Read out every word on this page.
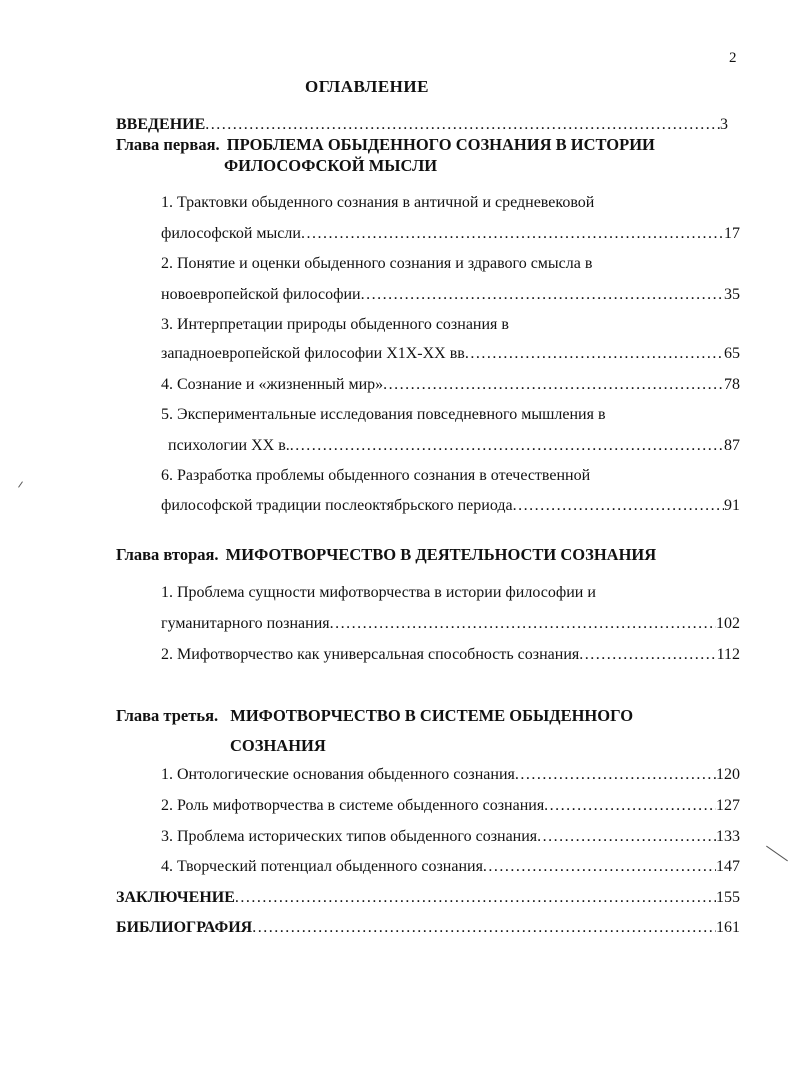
2
ОГЛАВЛЕНИЕ
ВВЕДЕНИЕ .....	3
Глава первая. ПРОБЛЕМА ОБЫДЕННОГО СОЗНАНИЯ В ИСТОРИИ
ФИЛОСОФСКОЙ МЫСЛИ
1. Трактовки обыденного сознания в античной и средневековой
философской мысли .....	17
2. Понятие и оценки обыденного сознания и здравого смысла в
новоевропейской философии .....	35
3. Интерпретации природы обыденного сознания в
западноевропейской философии Х1Х-ХХ вв .....	65
4. Сознание и «жизненный мир» .....	78
5. Экспериментальные исследования повседневного мышления в
психологии ХХ в. .....	87
6. Разработка проблемы обыденного сознания в отечественной
философской традиции послеоктябрьского периода .....	91
Глава вторая. МИФОТВОРЧЕСТВО В ДЕЯТЕЛЬНОСТИ СОЗНАНИЯ
1. Проблема сущности мифотворчества в истории философии и
гуманитарного познания .....	102
2. Мифотворчество как универсальная способность сознания .....	112
Глава третья. МИФОТВОРЧЕСТВО В СИСТЕМЕ ОБЫДЕННОГО
СОЗНАНИЯ
1. Онтологические основания обыденного сознания .....	120
2. Роль мифотворчества в системе обыденного сознания .....	127
3. Проблема исторических типов обыденного сознания .....	133
4. Творческий потенциал обыденного сознания .....	147
ЗАКЛЮЧЕНИЕ .....	155
БИБЛИОГРАФИЯ .....	161
